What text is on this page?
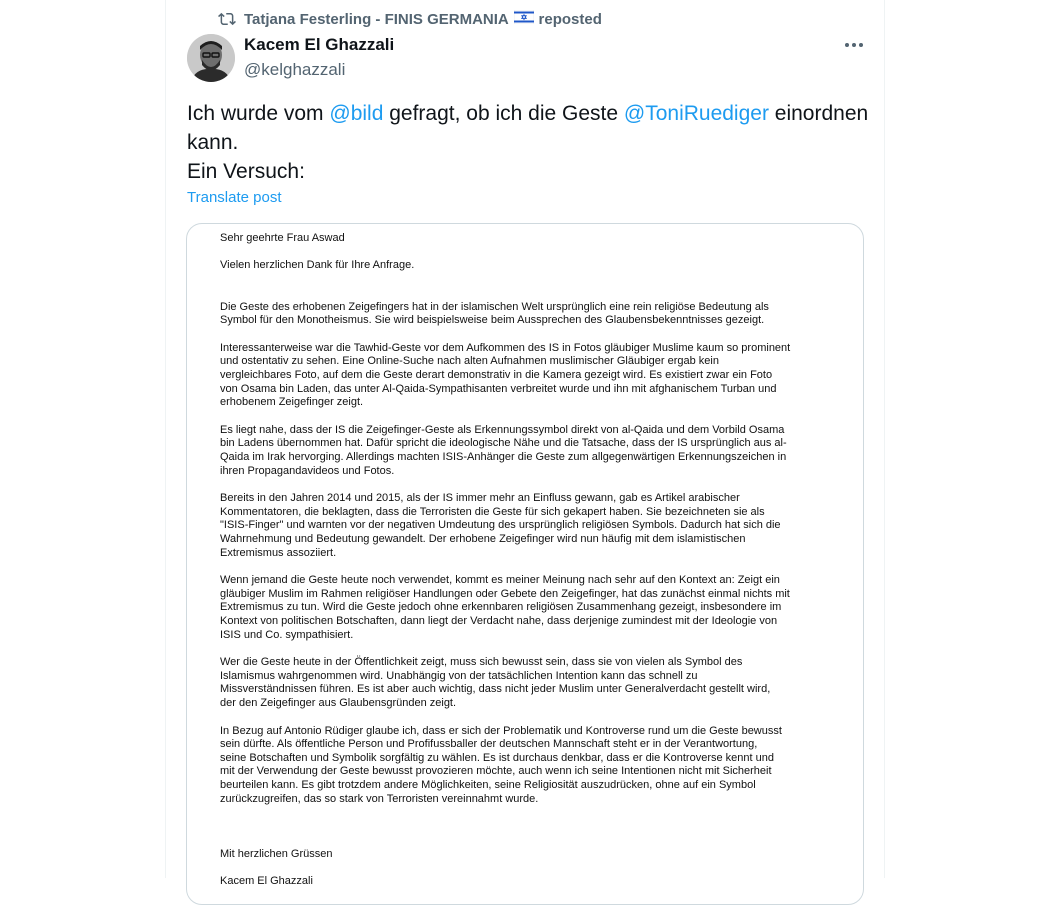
Tatjana Festerling - FINIS GERMANIA reposted
Kacem El Ghazzali
@kelghazzali
Ich wurde vom @bild gefragt, ob ich die Geste @ToniRuediger einordnen kann.
Ein Versuch:
Translate post

Sehr geehrte Frau Aswad

Vielen herzlichen Dank für Ihre Anfrage.

Die Geste des erhobenen Zeigefingers hat in der islamischen Welt ursprünglich eine rein religiöse Bedeutung als
Symbol für den Monotheismus. Sie wird beispielsweise beim Aussprechen des Glaubensbekenntnisses gezeigt.

Interessanterweise war die Tawhid-Geste vor dem Aufkommen des IS in Fotos gläubiger Muslime kaum so prominent
und ostentativ zu sehen. Eine Online-Suche nach alten Aufnahmen muslimischer Gläubiger ergab kein
vergleichbares Foto, auf dem die Geste derart demonstrativ in die Kamera gezeigt wird. Es existiert zwar ein Foto
von Osama bin Laden, das unter Al-Qaida-Sympathisanten verbreitet wurde und ihn mit afghanischem Turban und
erhobenem Zeigefinger zeigt.

Es liegt nahe, dass der IS die Zeigefinger-Geste als Erkennungssymbol direkt von al-Qaida und dem Vorbild Osama
bin Ladens übernommen hat. Dafür spricht die ideologische Nähe und die Tatsache, dass der IS ursprünglich aus al-
Qaida im Irak hervorging. Allerdings machten ISIS-Anhänger die Geste zum allgegenwärtigen Erkennungszeichen in
ihren Propagandavideos und Fotos.

Bereits in den Jahren 2014 und 2015, als der IS immer mehr an Einfluss gewann, gab es Artikel arabischer
Kommentatoren, die beklagten, dass die Terroristen die Geste für sich gekapert haben. Sie bezeichneten sie als
"ISIS-Finger" und warnten vor der negativen Umdeutung des ursprünglich religiösen Symbols. Dadurch hat sich die
Wahrnehmung und Bedeutung gewandelt. Der erhobene Zeigefinger wird nun häufig mit dem islamistischen
Extremismus assoziiert.

Wenn jemand die Geste heute noch verwendet, kommt es meiner Meinung nach sehr auf den Kontext an: Zeigt ein
gläubiger Muslim im Rahmen religiöser Handlungen oder Gebete den Zeigefinger, hat das zunächst einmal nichts mit
Extremismus zu tun. Wird die Geste jedoch ohne erkennbaren religiösen Zusammenhang gezeigt, insbesondere im
Kontext von politischen Botschaften, dann liegt der Verdacht nahe, dass derjenige zumindest mit der Ideologie von
ISIS und Co. sympathisiert.

Wer die Geste heute in der Öffentlichkeit zeigt, muss sich bewusst sein, dass sie von vielen als Symbol des
Islamismus wahrgenommen wird. Unabhängig von der tatsächlichen Intention kann das schnell zu
Missverständnissen führen. Es ist aber auch wichtig, dass nicht jeder Muslim unter Generalverdacht gestellt wird,
der den Zeigefinger aus Glaubensgründen zeigt.

In Bezug auf Antonio Rüdiger glaube ich, dass er sich der Problematik und Kontroverse rund um die Geste bewusst
sein dürfte. Als öffentliche Person und Profifussballer der deutschen Mannschaft steht er in der Verantwortung,
seine Botschaften und Symbolik sorgfältig zu wählen. Es ist durchaus denkbar, dass er die Kontroverse kennt und
mit der Verwendung der Geste bewusst provozieren möchte, auch wenn ich seine Intentionen nicht mit Sicherheit
beurteilen kann. Es gibt trotzdem andere Möglichkeiten, seine Religiosität auszudrücken, ohne auf ein Symbol
zurückzugreifen, das so stark von Terroristen vereinnahmt wurde.

Mit herzlichen Grüssen

Kacem El Ghazzali
